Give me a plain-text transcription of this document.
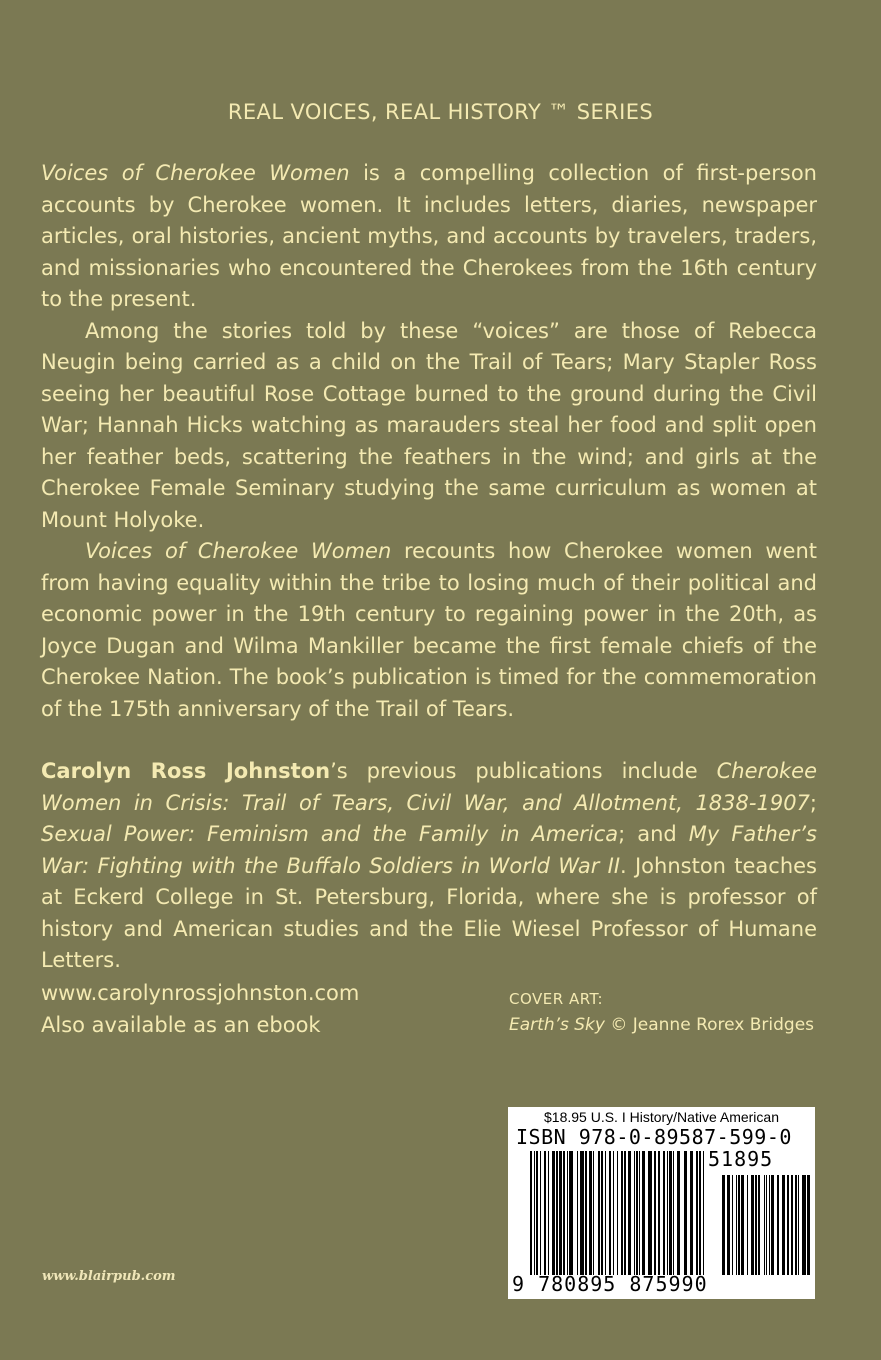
REAL VOICES, REAL HISTORY ™ SERIES

Voices of Cherokee Women is a compelling collection of first-person accounts by Cherokee women. It includes letters, diaries, newspaper articles, oral histories, ancient myths, and accounts by travelers, traders, and missionaries who encountered the Cherokees from the 16th century to the present.

Among the stories told by these “voices” are those of Rebecca Neugin being carried as a child on the Trail of Tears; Mary Stapler Ross seeing her beautiful Rose Cottage burned to the ground during the Civil War; Hannah Hicks watching as marauders steal her food and split open her feather beds, scattering the feathers in the wind; and girls at the Cherokee Female Seminary studying the same curriculum as women at Mount Holyoke.

Voices of Cherokee Women recounts how Cherokee women went from having equality within the tribe to losing much of their political and economic power in the 19th century to regaining power in the 20th, as Joyce Dugan and Wilma Mankiller became the first female chiefs of the Cherokee Nation. The book’s publication is timed for the commemoration of the 175th anniversary of the Trail of Tears.

Carolyn Ross Johnston’s previous publications include Cherokee Women in Crisis: Trail of Tears, Civil War, and Allotment, 1838-1907; Sexual Power: Feminism and the Family in America; and My Father’s War: Fighting with the Buffalo Soldiers in World War II. Johnston teaches at Eckerd College in St. Petersburg, Florida, where she is professor of history and American studies and the Elie Wiesel Professor of Humane Letters.

www.carolynrossjohnston.com
Also available as an ebook
COVER ART:
Earth’s Sky © Jeanne Rorex Bridges
www.blairpub.com
$18.95 U.S. I History/Native American
ISBN 978-0-89587-599-0
51895
9 780895 875990
